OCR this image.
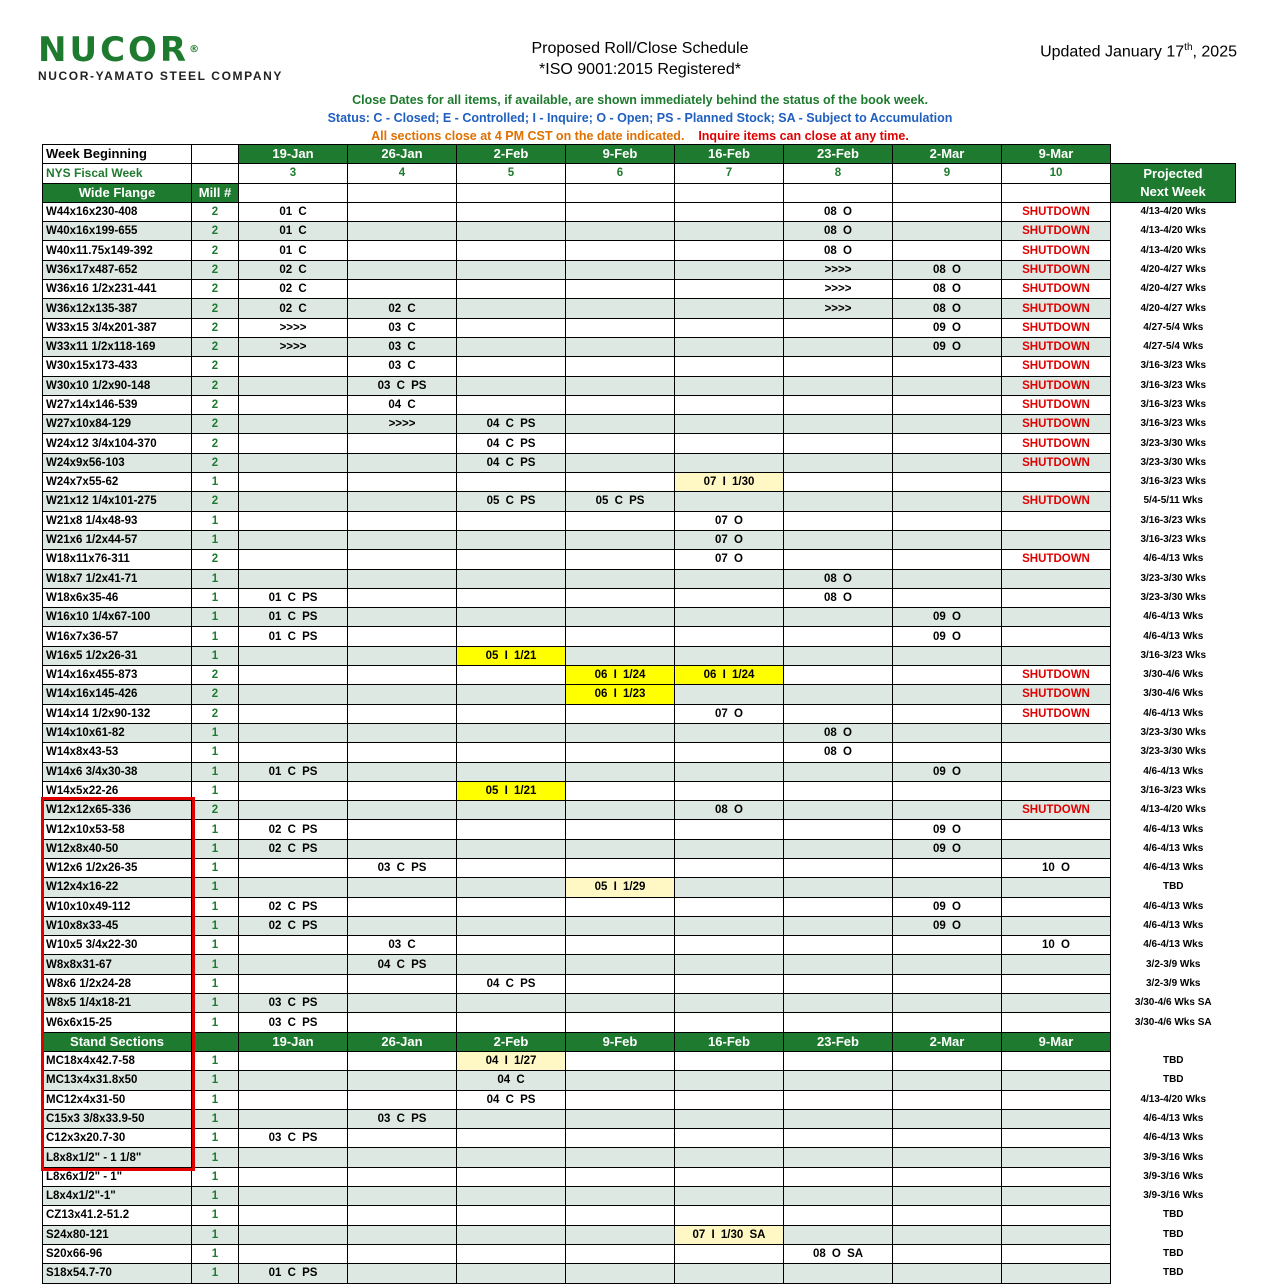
NUCOR®
NUCOR-YAMATO STEEL COMPANY
Proposed Roll/Close Schedule
*ISO 9001:2015 Registered*
Updated January 17th, 2025
Close Dates for all items, if available, are shown immediately behind the status of the book week.
Status: C - Closed; E - Controlled; I - Inquire; O - Open; PS - Planned Stock; SA - Subject to Accumulation
All sections close at 4 PM CST on the date indicated. Inquire items can close at any time.
Week Beginning		19-Jan	26-Jan	2-Feb	9-Feb	16-Feb	23-Feb	2-Mar	9-Mar	
NYS Fiscal Week		3	4	5	6	7	8	9	10	Projected
Wide Flange	Mill #									Next Week
W44x16x230-408	2	01 C					08 O		SHUTDOWN	4/13-4/20 Wks
W40x16x199-655	2	01 C					08 O		SHUTDOWN	4/13-4/20 Wks
W40x11.75x149-392	2	01 C					08 O		SHUTDOWN	4/13-4/20 Wks
W36x17x487-652	2	02 C					>>>>	08 O	SHUTDOWN	4/20-4/27 Wks
W36x16 1/2x231-441	2	02 C					>>>>	08 O	SHUTDOWN	4/20-4/27 Wks
W36x12x135-387	2	02 C	02 C				>>>>	08 O	SHUTDOWN	4/20-4/27 Wks
W33x15 3/4x201-387	2	>>>>	03 C					09 O	SHUTDOWN	4/27-5/4 Wks
W33x11 1/2x118-169	2	>>>>	03 C					09 O	SHUTDOWN	4/27-5/4 Wks
W30x15x173-433	2		03 C						SHUTDOWN	3/16-3/23 Wks
W30x10 1/2x90-148	2		03 C PS						SHUTDOWN	3/16-3/23 Wks
W27x14x146-539	2		04 C						SHUTDOWN	3/16-3/23 Wks
W27x10x84-129	2		>>>>	04 C PS					SHUTDOWN	3/16-3/23 Wks
W24x12 3/4x104-370	2			04 C PS					SHUTDOWN	3/23-3/30 Wks
W24x9x56-103	2			04 C PS					SHUTDOWN	3/23-3/30 Wks
W24x7x55-62	1					07 I 1/30				3/16-3/23 Wks
W21x12 1/4x101-275	2			05 C PS	05 C PS				SHUTDOWN	5/4-5/11 Wks
W21x8 1/4x48-93	1					07 O				3/16-3/23 Wks
W21x6 1/2x44-57	1					07 O				3/16-3/23 Wks
W18x11x76-311	2					07 O			SHUTDOWN	4/6-4/13 Wks
W18x7 1/2x41-71	1						08 O			3/23-3/30 Wks
W18x6x35-46	1	01 C PS					08 O			3/23-3/30 Wks
W16x10 1/4x67-100	1	01 C PS						09 O		4/6-4/13 Wks
W16x7x36-57	1	01 C PS						09 O		4/6-4/13 Wks
W16x5 1/2x26-31	1			05 I 1/21						3/16-3/23 Wks
W14x16x455-873	2				06 I 1/24	06 I 1/24			SHUTDOWN	3/30-4/6 Wks
W14x16x145-426	2				06 I 1/23				SHUTDOWN	3/30-4/6 Wks
W14x14 1/2x90-132	2					07 O			SHUTDOWN	4/6-4/13 Wks
W14x10x61-82	1						08 O			3/23-3/30 Wks
W14x8x43-53	1						08 O			3/23-3/30 Wks
W14x6 3/4x30-38	1	01 C PS						09 O		4/6-4/13 Wks
W14x5x22-26	1			05 I 1/21						3/16-3/23 Wks
W12x12x65-336	2					08 O			SHUTDOWN	4/13-4/20 Wks
W12x10x53-58	1	02 C PS						09 O		4/6-4/13 Wks
W12x8x40-50	1	02 C PS						09 O		4/6-4/13 Wks
W12x6 1/2x26-35	1		03 C PS						10 O	4/6-4/13 Wks
W12x4x16-22	1				05 I 1/29					TBD
W10x10x49-112	1	02 C PS						09 O		4/6-4/13 Wks
W10x8x33-45	1	02 C PS						09 O		4/6-4/13 Wks
W10x5 3/4x22-30	1		03 C						10 O	4/6-4/13 Wks
W8x8x31-67	1		04 C PS							3/2-3/9 Wks
W8x6 1/2x24-28	1			04 C PS						3/2-3/9 Wks
W8x5 1/4x18-21	1	03 C PS								3/30-4/6 Wks SA
W6x6x15-25	1	03 C PS								3/30-4/6 Wks SA
Stand Sections		19-Jan	26-Jan	2-Feb	9-Feb	16-Feb	23-Feb	2-Mar	9-Mar	
MC18x4x42.7-58	1			04 I 1/27						TBD
MC13x4x31.8x50	1			04 C						TBD
MC12x4x31-50	1			04 C PS						4/13-4/20 Wks
C15x3 3/8x33.9-50	1		03 C PS							4/6-4/13 Wks
C12x3x20.7-30	1	03 C PS								4/6-4/13 Wks
L8x8x1/2" - 1 1/8"	1									3/9-3/16 Wks
L8x6x1/2" - 1"	1									3/9-3/16 Wks
L8x4x1/2"-1"	1									3/9-3/16 Wks
CZ13x41.2-51.2	1									TBD
S24x80-121	1					07 I 1/30 SA				TBD
S20x66-96	1						08 O SA			TBD
S18x54.7-70	1	01 C PS								TBD
